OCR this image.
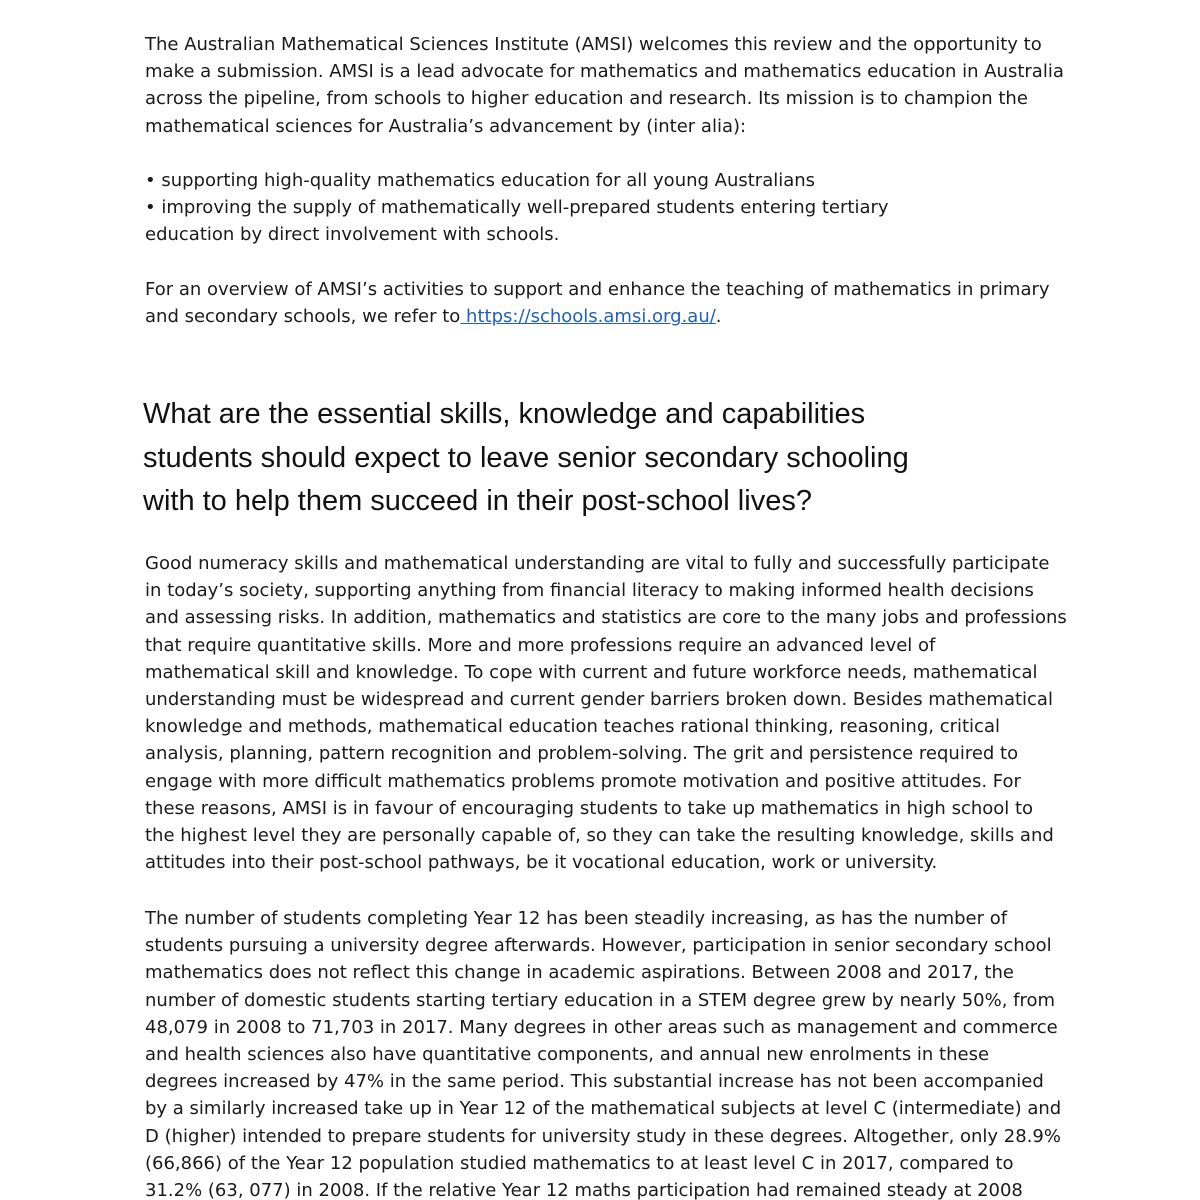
The Australian Mathematical Sciences Institute (AMSI) welcomes this review and the opportunity to
make a submission. AMSI is a lead advocate for mathematics and mathematics education in Australia
across the pipeline, from schools to higher education and research. Its mission is to champion the
mathematical sciences for Australia’s advancement by (inter alia):

• supporting high-quality mathematics education for all young Australians
• improving the supply of mathematically well-prepared students entering tertiary
education by direct involvement with schools.

For an overview of AMSI’s activities to support and enhance the teaching of mathematics in primary
and secondary schools, we refer to https://schools.amsi.org.au/.

What are the essential skills, knowledge and capabilities
students should expect to leave senior secondary schooling
with to help them succeed in their post-school lives?

Good numeracy skills and mathematical understanding are vital to fully and successfully participate
in today’s society, supporting anything from financial literacy to making informed health decisions
and assessing risks. In addition, mathematics and statistics are core to the many jobs and professions
that require quantitative skills. More and more professions require an advanced level of
mathematical skill and knowledge. To cope with current and future workforce needs, mathematical
understanding must be widespread and current gender barriers broken down. Besides mathematical
knowledge and methods, mathematical education teaches rational thinking, reasoning, critical
analysis, planning, pattern recognition and problem-solving. The grit and persistence required to
engage with more difficult mathematics problems promote motivation and positive attitudes. For
these reasons, AMSI is in favour of encouraging students to take up mathematics in high school to
the highest level they are personally capable of, so they can take the resulting knowledge, skills and
attitudes into their post-school pathways, be it vocational education, work or university.

The number of students completing Year 12 has been steadily increasing, as has the number of
students pursuing a university degree afterwards. However, participation in senior secondary school
mathematics does not reflect this change in academic aspirations. Between 2008 and 2017, the
number of domestic students starting tertiary education in a STEM degree grew by nearly 50%, from
48,079 in 2008 to 71,703 in 2017. Many degrees in other areas such as management and commerce
and health sciences also have quantitative components, and annual new enrolments in these
degrees increased by 47% in the same period. This substantial increase has not been accompanied
by a similarly increased take up in Year 12 of the mathematical subjects at level C (intermediate) and
D (higher) intended to prepare students for university study in these degrees. Altogether, only 28.9%
(66,866) of the Year 12 population studied mathematics to at least level C in 2017, compared to
31.2% (63, 077) in 2008. If the relative Year 12 maths participation had remained steady at 2008
